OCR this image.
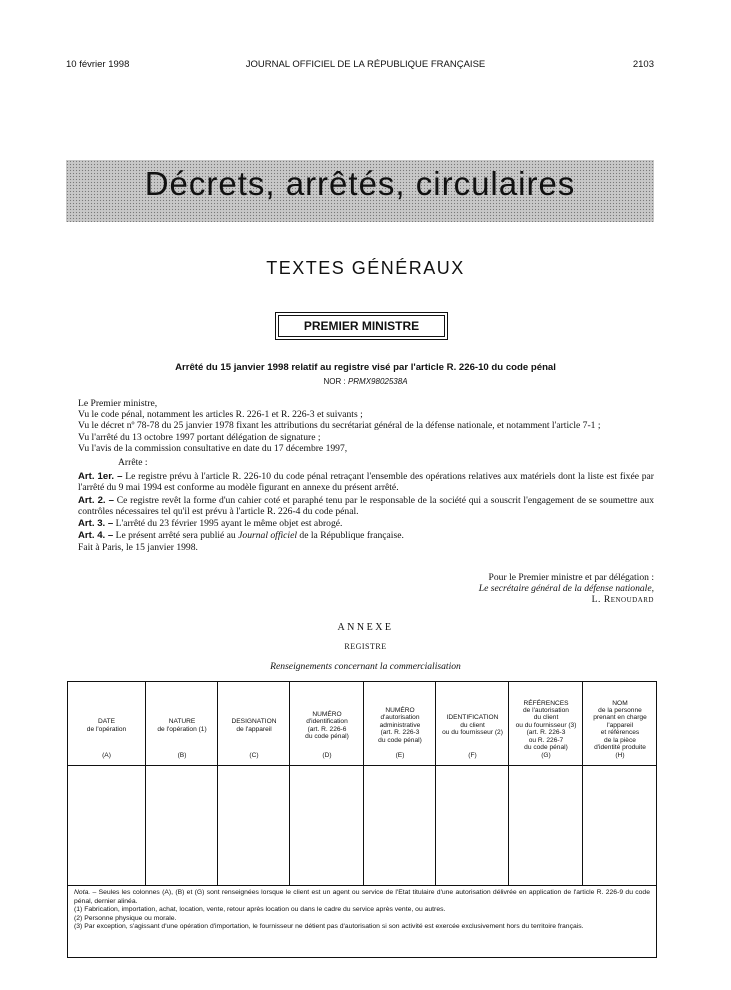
10 février 1998	JOURNAL OFFICIEL DE LA RÉPUBLIQUE FRANÇAISE	2103
Décrets, arrêtés, circulaires
TEXTES GÉNÉRAUX
PREMIER MINISTRE
Arrêté du 15 janvier 1998 relatif au registre visé par l'article R. 226-10 du code pénal
NOR : PRMX9802538A

Le Premier ministre,

Vu le code pénal, notamment les articles R. 226-1 et R. 226-3 et suivants ;

Vu le décret nº 78-78 du 25 janvier 1978 fixant les attributions du secrétariat général de la défense nationale, et notamment l'article 7-1 ;

Vu l'arrêté du 13 octobre 1997 portant délégation de signature ;

Vu l'avis de la commission consultative en date du 17 décembre 1997,

Arrête :

Art. 1er. – Le registre prévu à l'article R. 226-10 du code pénal retraçant l'ensemble des opérations relatives aux matériels dont la liste est fixée par l'arrêté du 9 mai 1994 est conforme au modèle figurant en annexe du présent arrêté.

Art. 2. – Ce registre revêt la forme d'un cahier coté et paraphé tenu par le responsable de la société qui a souscrit l'engagement de se soumettre aux contrôles nécessaires tel qu'il est prévu à l'article R. 226-4 du code pénal.

Art. 3. – L'arrêté du 23 février 1995 ayant le même objet est abrogé.

Art. 4. – Le présent arrêté sera publié au Journal officiel de la République française.

Fait à Paris, le 15 janvier 1998.

Pour le Premier ministre et par délégation :
Le secrétaire général de la défense nationale,
L. Renoudard
ANNEXE
REGISTRE
Renseignements concernant la commercialisation
DATE
de l'opération
(A)
NATURE
de l'opération (1)
(B)
DESIGNATION
de l'appareil
(C)
NUMÉRO
d'identification
(art. R. 226-6
du code pénal)
(D)
NUMÉRO
d'autorisation
administrative
(art. R. 226-3
du code pénal)
(E)
IDENTIFICATION
du client
ou du fournisseur (2)
(F)
RÉFÉRENCES
de l'autorisation
du client
ou du fournisseur (3)
(art. R. 226-3
ou R. 226-7
du code pénal)
(G)
NOM
de la personne
prenant en charge
l'appareil
et références
de la pièce
d'identité produite
(H)

Nota. – Seules les colonnes (A), (B) et (G) sont renseignées lorsque le client est un agent ou service de l'Etat titulaire d'une autorisation délivrée en application de l'article R. 226-9 du code pénal, dernier alinéa.

(1) Fabrication, importation, achat, location, vente, retour après location ou dans le cadre du service après vente, ou autres.

(2) Personne physique ou morale.

(3) Par exception, s'agissant d'une opération d'importation, le fournisseur ne détient pas d'autorisation si son activité est exercée exclusivement hors du territoire français.
